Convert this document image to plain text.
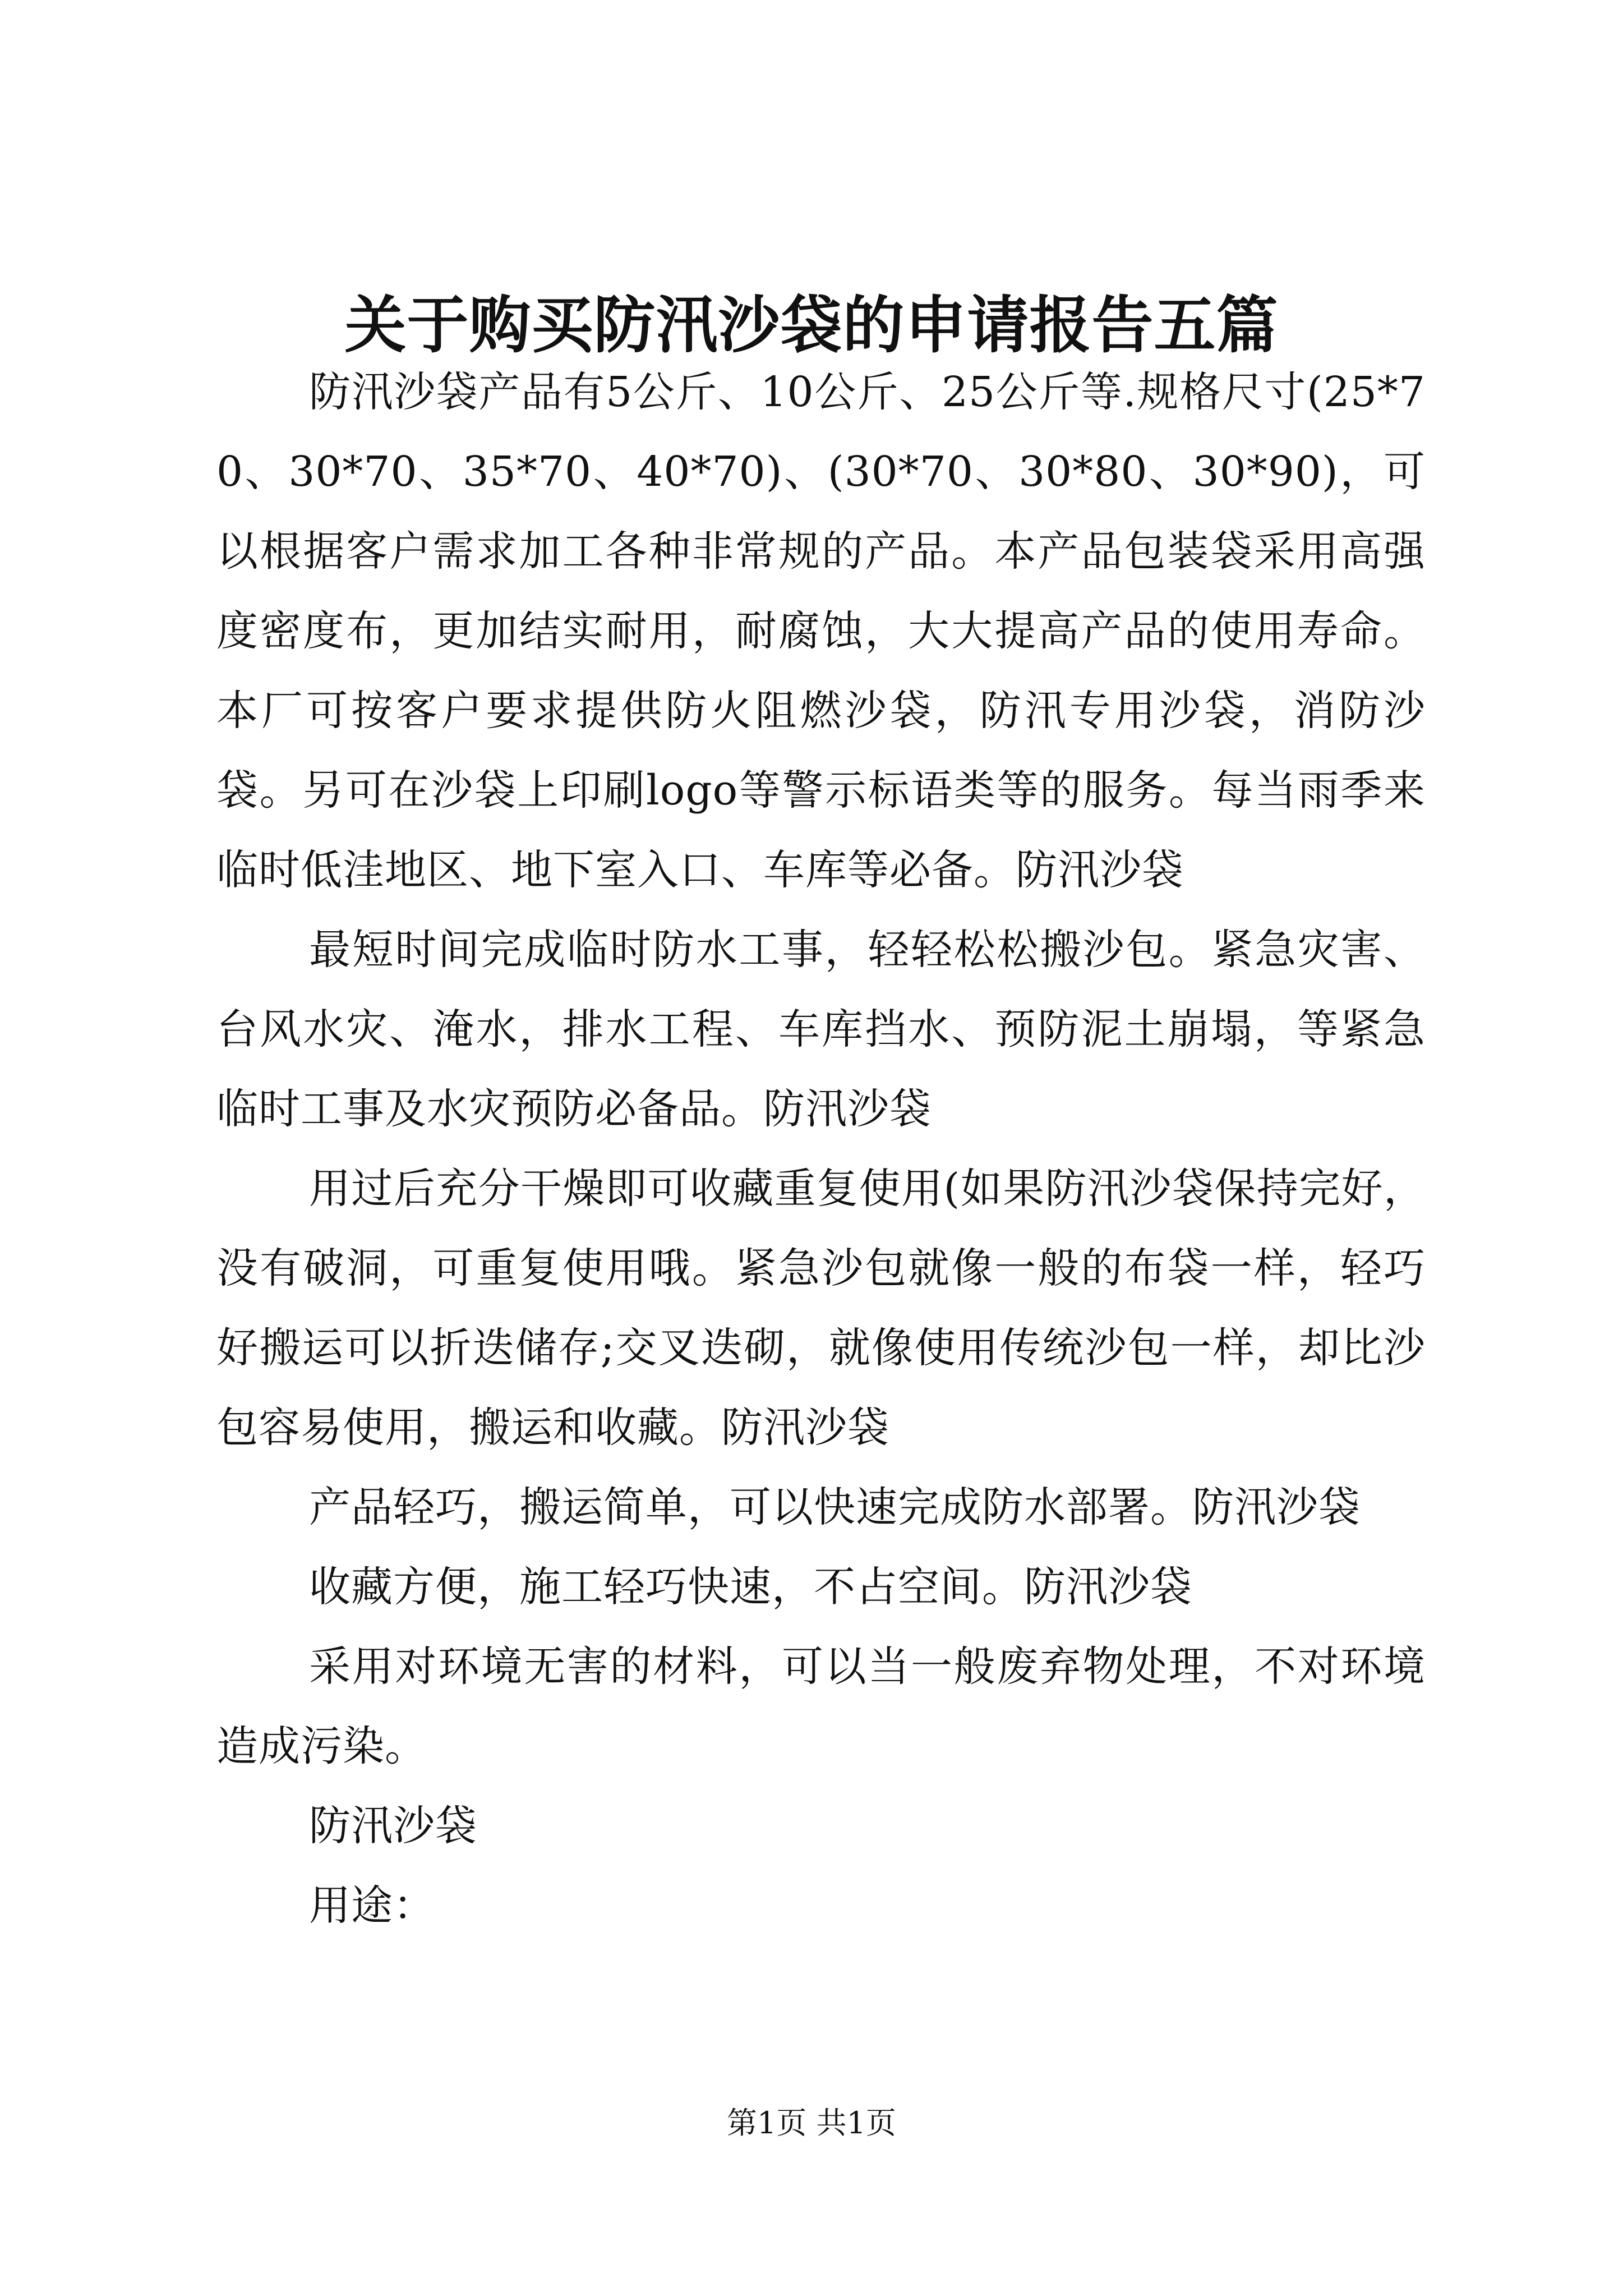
关于购买防汛沙袋的申请报告五篇

防汛沙袋产品有5公斤、10公斤、25公斤等.规格尺寸(25*70、30*70、35*70、40*70)、(30*70、30*80、30*90)，可以根据客户需求加工各种非常规的产品。本产品包装袋采用高强度密度布，更加结实耐用，耐腐蚀，大大提高产品的使用寿命。本厂可按客户要求提供防火阻燃沙袋，防汛专用沙袋，消防沙袋。另可在沙袋上印刷logo等警示标语类等的服务。每当雨季来临时低洼地区、地下室入口、车库等必备。防汛沙袋

最短时间完成临时防水工事，轻轻松松搬沙包。紧急灾害、台风水灾、淹水，排水工程、车库挡水、预防泥土崩塌，等紧急临时工事及水灾预防必备品。防汛沙袋

用过后充分干燥即可收藏重复使用(如果防汛沙袋保持完好，没有破洞，可重复使用哦。紧急沙包就像一般的布袋一样，轻巧好搬运可以折迭储存;交叉迭砌，就像使用传统沙包一样，却比沙包容易使用，搬运和收藏。防汛沙袋

产品轻巧，搬运简单，可以快速完成防水部署。防汛沙袋

收藏方便，施工轻巧快速，不占空间。防汛沙袋

采用对环境无害的材料，可以当一般废弃物处理，不对环境造成污染。

防汛沙袋

用途：

第1页 共1页
